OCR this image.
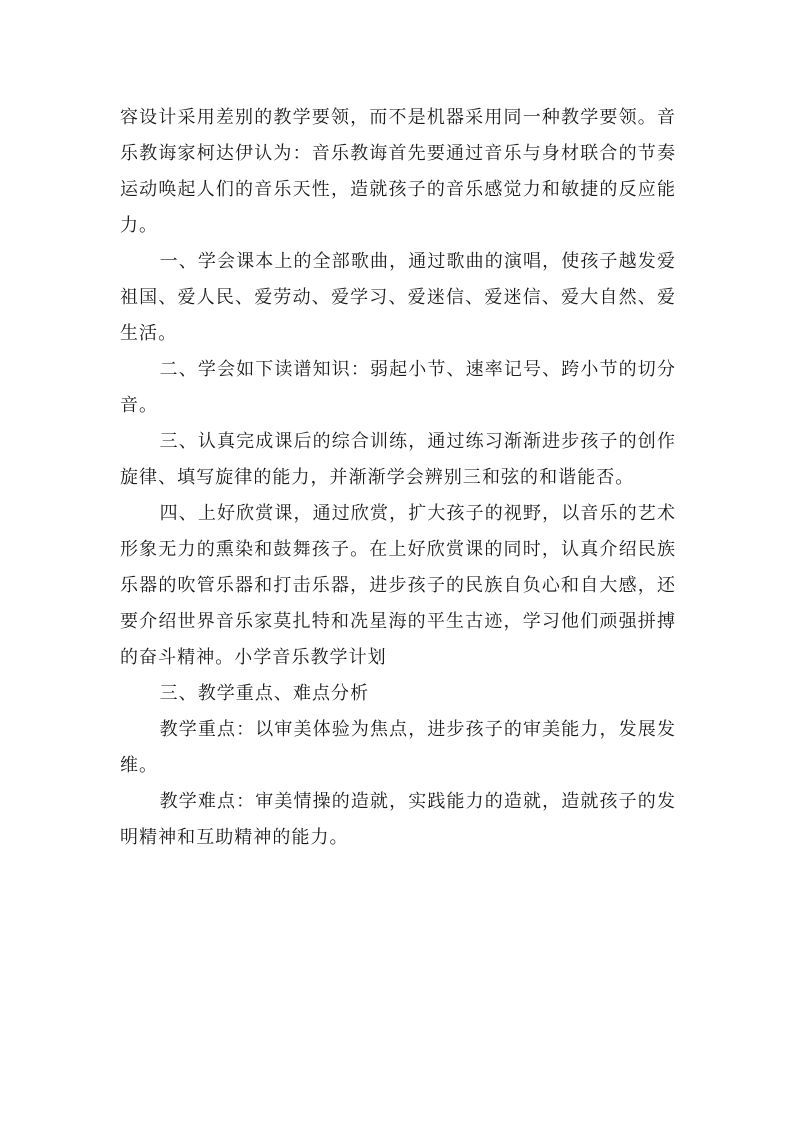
容设计采用差别的教学要领，而不是机器采用同一种教学要领。音乐教诲家柯达伊认为：音乐教诲首先要通过音乐与身材联合的节奏运动唤起人们的音乐天性，造就孩子的音乐感觉力和敏捷的反应能力。

一、学会课本上的全部歌曲，通过歌曲的演唱，使孩子越发爱祖国、爱人民、爱劳动、爱学习、爱迷信、爱迷信、爱大自然、爱生活。

二、学会如下读谱知识：弱起小节、速率记号、跨小节的切分音。

三、认真完成课后的综合训练，通过练习渐渐进步孩子的创作旋律、填写旋律的能力，并渐渐学会辨别三和弦的和谐能否。

四、上好欣赏课，通过欣赏，扩大孩子的视野，以音乐的艺术形象无力的熏染和鼓舞孩子。在上好欣赏课的同时，认真介绍民族乐器的吹管乐器和打击乐器，进步孩子的民族自负心和自大感，还要介绍世界音乐家莫扎特和冼星海的平生古迹，学习他们顽强拼搏的奋斗精神。小学音乐教学计划

三、教学重点、难点分析

教学重点：以审美体验为焦点，进步孩子的审美能力，发展发维。

教学难点：审美情操的造就，实践能力的造就，造就孩子的发明精神和互助精神的能力。
